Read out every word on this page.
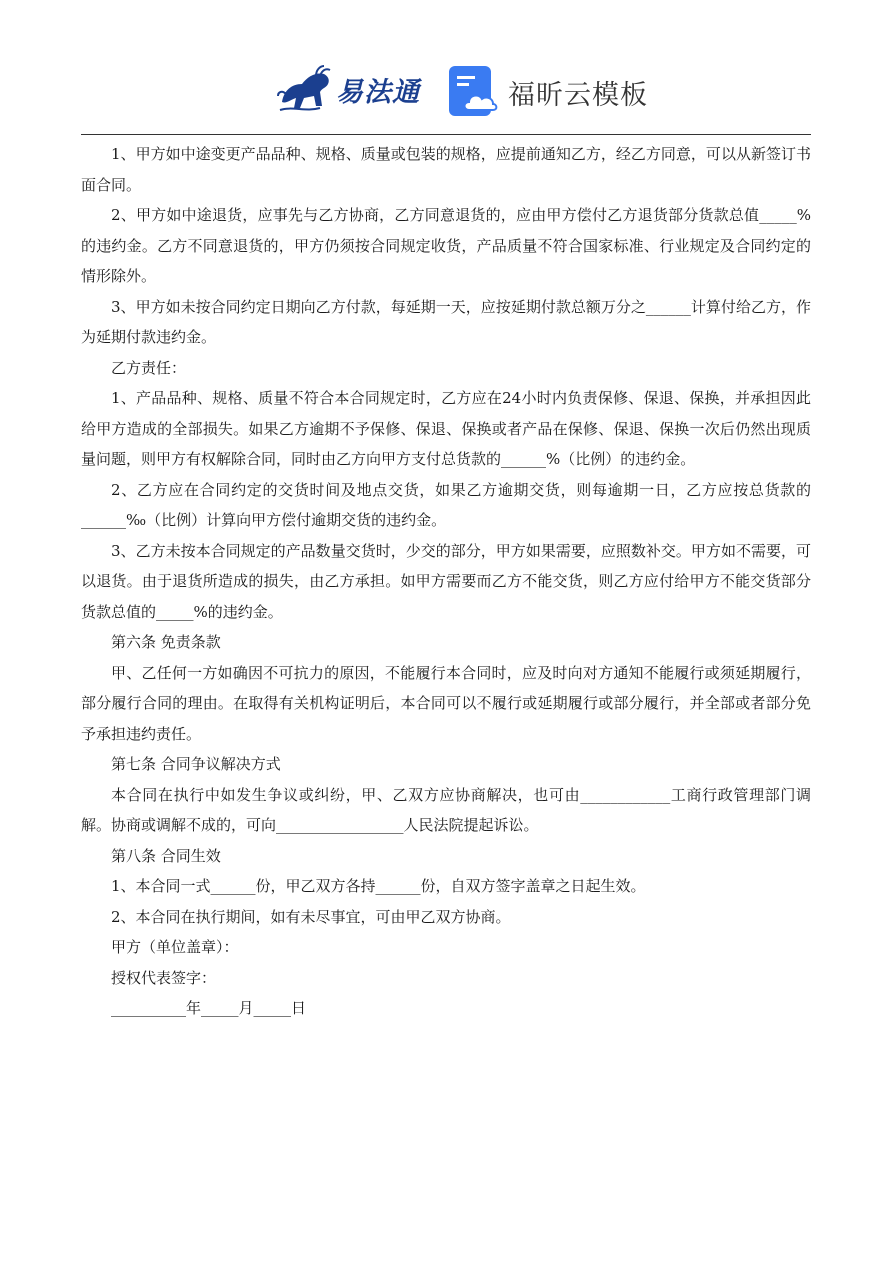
易法通	福昕云模板

1、甲方如中途变更产品品种、规格、质量或包装的规格，应提前通知乙方，经乙方同意，可以从新签订书面合同。

2、甲方如中途退货，应事先与乙方协商，乙方同意退货的，应由甲方偿付乙方退货部分货款总值_____%的违约金。乙方不同意退货的，甲方仍须按合同规定收货，产品质量不符合国家标准、行业规定及合同约定的情形除外。

3、甲方如未按合同约定日期向乙方付款，每延期一天，应按延期付款总额万分之______计算付给乙方，作为延期付款违约金。

乙方责任：

1、产品品种、规格、质量不符合本合同规定时，乙方应在24小时内负责保修、保退、保换，并承担因此给甲方造成的全部损失。如果乙方逾期不予保修、保退、保换或者产品在保修、保退、保换一次后仍然出现质量问题，则甲方有权解除合同，同时由乙方向甲方支付总货款的______%（比例）的违约金。

2、乙方应在合同约定的交货时间及地点交货，如果乙方逾期交货，则每逾期一日，乙方应按总货款的______‰（比例）计算向甲方偿付逾期交货的违约金。

3、乙方未按本合同规定的产品数量交货时，少交的部分，甲方如果需要，应照数补交。甲方如不需要，可以退货。由于退货所造成的损失，由乙方承担。如甲方需要而乙方不能交货，则乙方应付给甲方不能交货部分货款总值的_____%的违约金。

第六条 免责条款

甲、乙任何一方如确因不可抗力的原因，不能履行本合同时，应及时向对方通知不能履行或须延期履行，部分履行合同的理由。在取得有关机构证明后，本合同可以不履行或延期履行或部分履行，并全部或者部分免予承担违约责任。

第七条 合同争议解决方式

本合同在执行中如发生争议或纠纷，甲、乙双方应协商解决，也可由____________工商行政管理部门调解。协商或调解不成的，可向_________________人民法院提起诉讼。

第八条 合同生效

1、本合同一式______份，甲乙双方各持______份，自双方签字盖章之日起生效。

2、本合同在执行期间，如有未尽事宜，可由甲乙双方协商。

甲方（单位盖章）：

授权代表签字：

__________年_____月_____日
